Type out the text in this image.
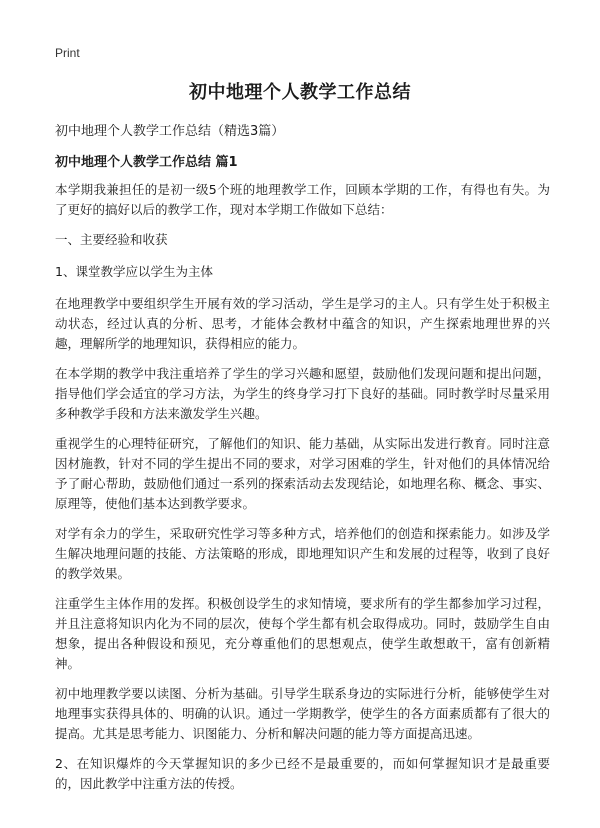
Print
初中地理个人教学工作总结
初中地理个人教学工作总结（精选3篇）
初中地理个人教学工作总结 篇1

本学期我兼担任的是初一级5个班的地理教学工作，回顾本学期的工作，有得也有失。为了更好的搞好以后的教学工作，现对本学期工作做如下总结：

一、主要经验和收获

1、课堂教学应以学生为主体

在地理教学中要组织学生开展有效的学习活动，学生是学习的主人。只有学生处于积极主动状态，经过认真的分析、思考，才能体会教材中蕴含的知识，产生探索地理世界的兴趣，理解所学的地理知识，获得相应的能力。

在本学期的教学中我注重培养了学生的学习兴趣和愿望，鼓励他们发现问题和提出问题，指导他们学会适宜的学习方法，为学生的终身学习打下良好的基础。同时教学时尽量采用多种教学手段和方法来激发学生兴趣。

重视学生的心理特征研究，了解他们的知识、能力基础，从实际出发进行教育。同时注意因材施教，针对不同的学生提出不同的要求，对学习困难的学生，针对他们的具体情况给予了耐心帮助，鼓励他们通过一系列的探索活动去发现结论，如地理名称、概念、事实、原理等，使他们基本达到教学要求。

对学有余力的学生，采取研究性学习等多种方式，培养他们的创造和探索能力。如涉及学生解决地理问题的技能、方法策略的形成，即地理知识产生和发展的过程等，收到了良好的教学效果。

注重学生主体作用的发挥。积极创设学生的求知情境，要求所有的学生都参加学习过程，并且注意将知识内化为不同的层次，使每个学生都有机会取得成功。同时，鼓励学生自由想象，提出各种假设和预见，充分尊重他们的思想观点，使学生敢想敢干，富有创新精神。

初中地理教学要以读图、分析为基础。引导学生联系身边的实际进行分析，能够使学生对地理事实获得具体的、明确的认识。通过一学期教学，使学生的各方面素质都有了很大的提高。尤其是思考能力、识图能力、分析和解决问题的能力等方面提高迅速。

2、在知识爆炸的今天掌握知识的多少已经不是最重要的，而如何掌握知识才是最重要的，因此教学中注重方法的传授。
